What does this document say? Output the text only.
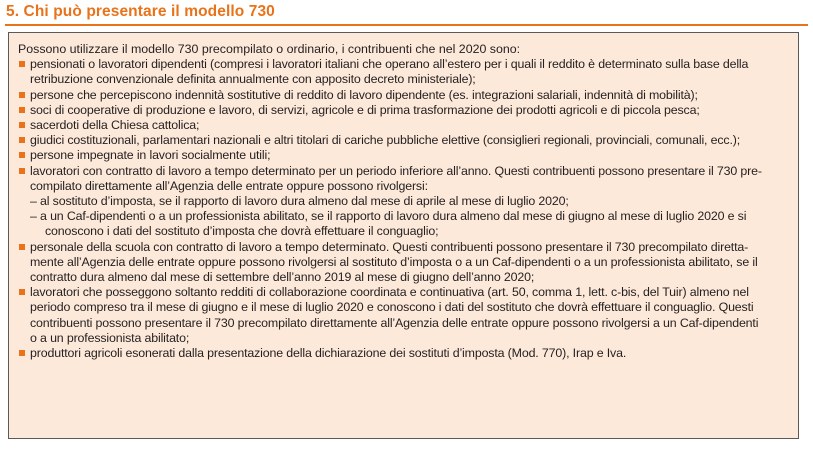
5. Chi può presentare il modello 730

Possono utilizzare il modello 730 precompilato o ordinario, i contribuenti che nel 2020 sono:

pensionati o lavoratori dipendenti (compresi i lavoratori italiani che operano all’estero per i quali il reddito è determinato sulla base della
retribuzione convenzionale definita annualmente con apposito decreto ministeriale);
persone che percepiscono indennità sostitutive di reddito di lavoro dipendente (es. integrazioni salariali, indennità di mobilità);
soci di cooperative di produzione e lavoro, di servizi, agricole e di prima trasformazione dei prodotti agricoli e di piccola pesca;
sacerdoti della Chiesa cattolica;
giudici costituzionali, parlamentari nazionali e altri titolari di cariche pubbliche elettive (consiglieri regionali, provinciali, comunali, ecc.);
persone impegnate in lavori socialmente utili;
lavoratori con contratto di lavoro a tempo determinato per un periodo inferiore all’anno. Questi contribuenti possono presentare il 730 pre-
compilato direttamente all’Agenzia delle entrate oppure possono rivolgersi:
– al sostituto d’imposta, se il rapporto di lavoro dura almeno dal mese di aprile al mese di luglio 2020;
– a un Caf-dipendenti o a un professionista abilitato, se il rapporto di lavoro dura almeno dal mese di giugno al mese di luglio 2020 e si
conoscono i dati del sostituto d’imposta che dovrà effettuare il conguaglio;
personale della scuola con contratto di lavoro a tempo determinato. Questi contribuenti possono presentare il 730 precompilato diretta-
mente all’Agenzia delle entrate oppure possono rivolgersi al sostituto d’imposta o a un Caf-dipendenti o a un professionista abilitato, se il
contratto dura almeno dal mese di settembre dell’anno 2019 al mese di giugno dell’anno 2020;
lavoratori che posseggono soltanto redditi di collaborazione coordinata e continuativa (art. 50, comma 1, lett. c-bis, del Tuir) almeno nel
periodo compreso tra il mese di giugno e il mese di luglio 2020 e conoscono i dati del sostituto che dovrà effettuare il conguaglio. Questi
contribuenti possono presentare il 730 precompilato direttamente all’Agenzia delle entrate oppure possono rivolgersi a un Caf-dipendenti
o a un professionista abilitato;
produttori agricoli esonerati dalla presentazione della dichiarazione dei sostituti d’imposta (Mod. 770), Irap e Iva.
